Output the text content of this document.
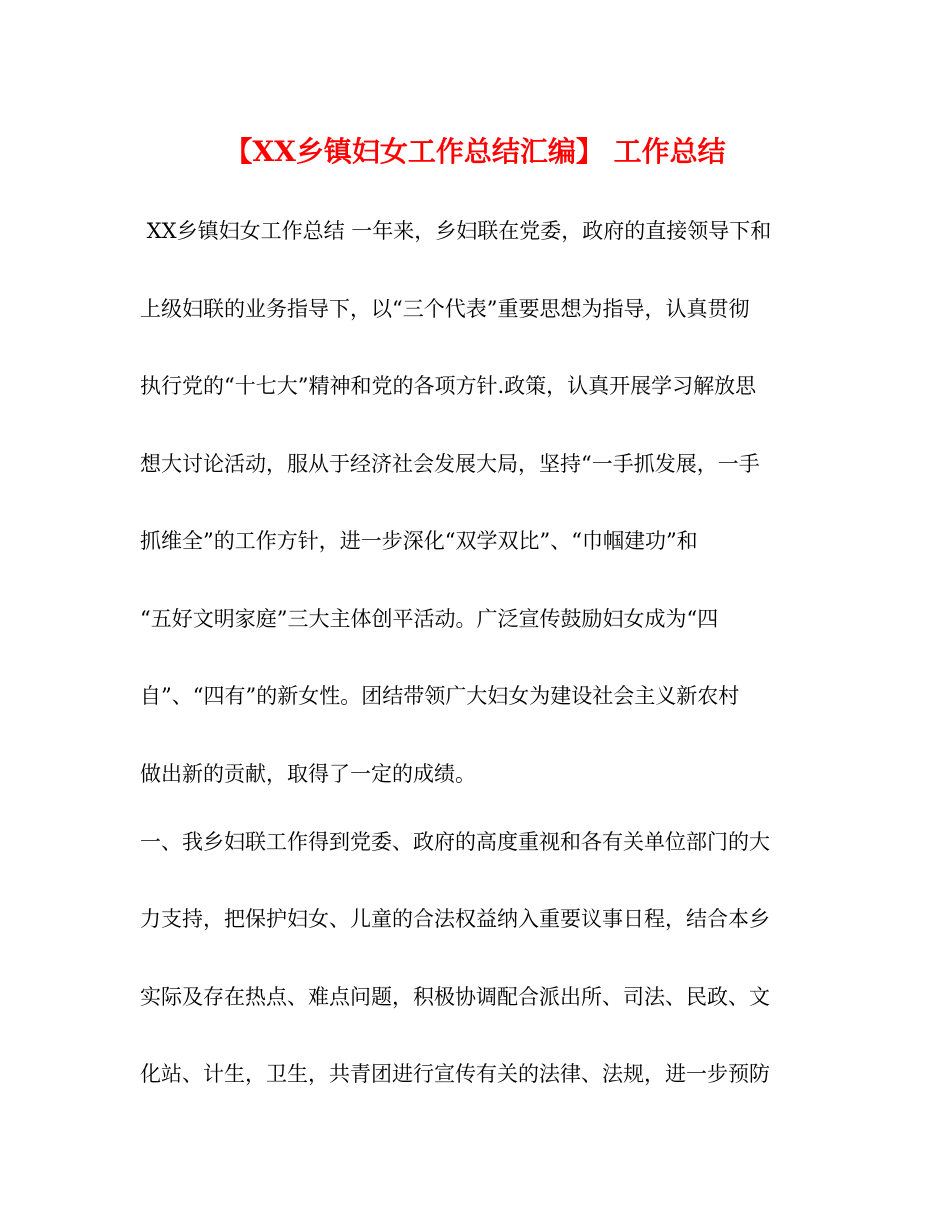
【XX乡镇妇女工作总结汇编】 工作总结
XX乡镇妇女工作总结 一年来，乡妇联在党委，政府的直接领导下和
上级妇联的业务指导下，以“三个代表”重要思想为指导，认真贯彻
执行党的“十七大”精神和党的各项方针.政策，认真开展学习解放思
想大讨论活动，服从于经济社会发展大局，坚持“一手抓发展，一手
抓维全”的工作方针，进一步深化“双学双比”、“巾帼建功”和
“五好文明家庭”三大主体创平活动。广泛宣传鼓励妇女成为“四
自”、“四有”的新女性。团结带领广大妇女为建设社会主义新农村
做出新的贡献，取得了一定的成绩。
一、我乡妇联工作得到党委、政府的高度重视和各有关单位部门的大
力支持，把保护妇女、儿童的合法权益纳入重要议事日程，结合本乡
实际及存在热点、难点问题，积极协调配合派出所、司法、民政、文
化站、计生，卫生，共青团进行宣传有关的法律、法规，进一步预防
